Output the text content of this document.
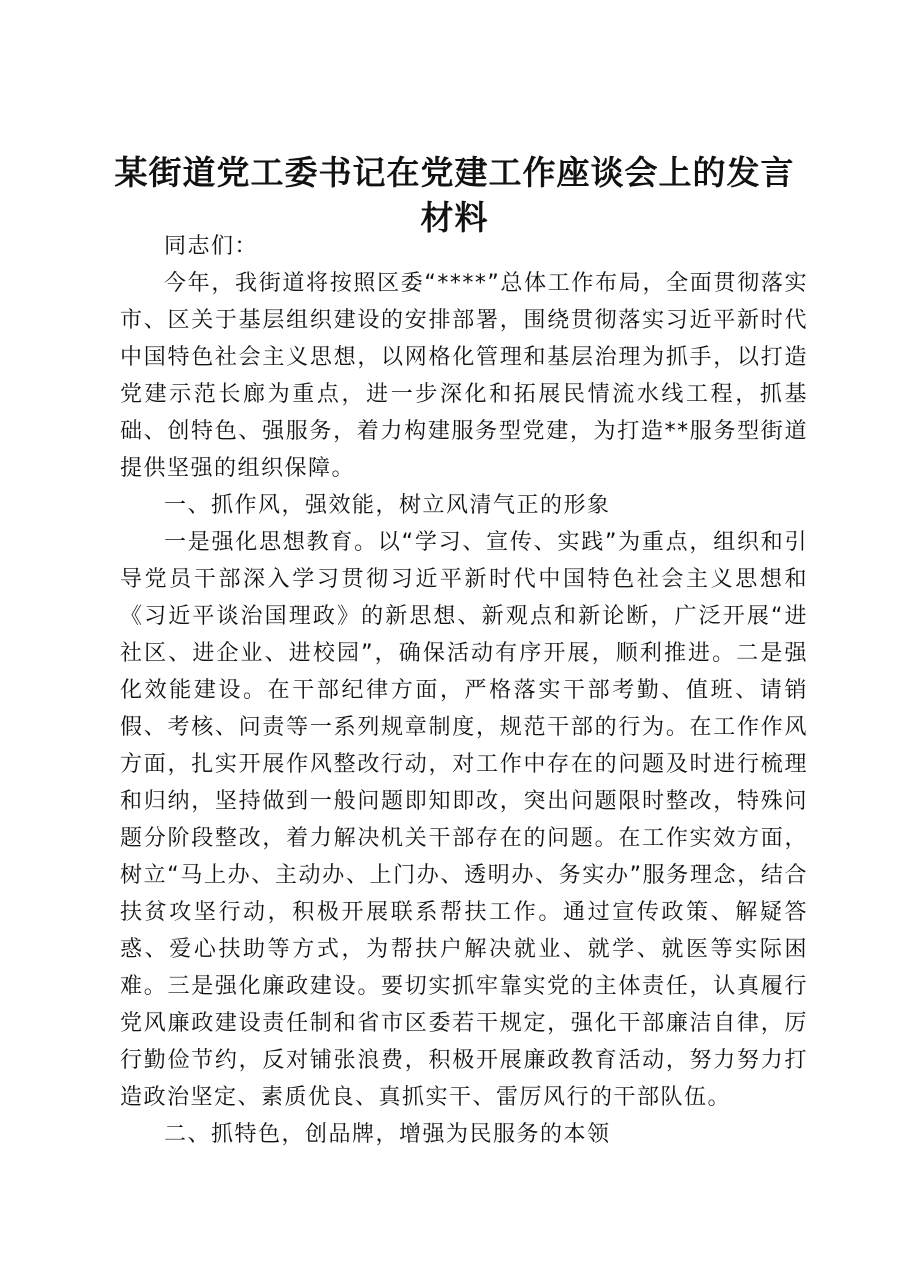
某街道党工委书记在党建工作座谈会上的发言
材料

同志们：

今年，我街道将按照区委“****”总体工作布局，全面贯彻落实市、区关于基层组织建设的安排部署，围绕贯彻落实习近平新时代中国特色社会主义思想，以网格化管理和基层治理为抓手，以打造党建示范长廊为重点，进一步深化和拓展民情流水线工程，抓基础、创特色、强服务，着力构建服务型党建，为打造**服务型街道提供坚强的组织保障。

一、抓作风，强效能，树立风清气正的形象

一是强化思想教育。以“学习、宣传、实践”为重点，组织和引导党员干部深入学习贯彻习近平新时代中国特色社会主义思想和《习近平谈治国理政》的新思想、新观点和新论断，广泛开展“进社区、进企业、进校园”，确保活动有序开展，顺利推进。二是强化效能建设。在干部纪律方面，严格落实干部考勤、值班、请销假、考核、问责等一系列规章制度，规范干部的行为。在工作作风方面，扎实开展作风整改行动，对工作中存在的问题及时进行梳理和归纳，坚持做到一般问题即知即改，突出问题限时整改，特殊问题分阶段整改，着力解决机关干部存在的问题。在工作实效方面，树立“马上办、主动办、上门办、透明办、务实办”服务理念，结合扶贫攻坚行动，积极开展联系帮扶工作。通过宣传政策、解疑答惑、爱心扶助等方式，为帮扶户解决就业、就学、就医等实际困难。三是强化廉政建设。要切实抓牢靠实党的主体责任，认真履行党风廉政建设责任制和省市区委若干规定，强化干部廉洁自律，厉行勤俭节约，反对铺张浪费，积极开展廉政教育活动，努力努力打造政治坚定、素质优良、真抓实干、雷厉风行的干部队伍。

二、抓特色，创品牌，增强为民服务的本领
